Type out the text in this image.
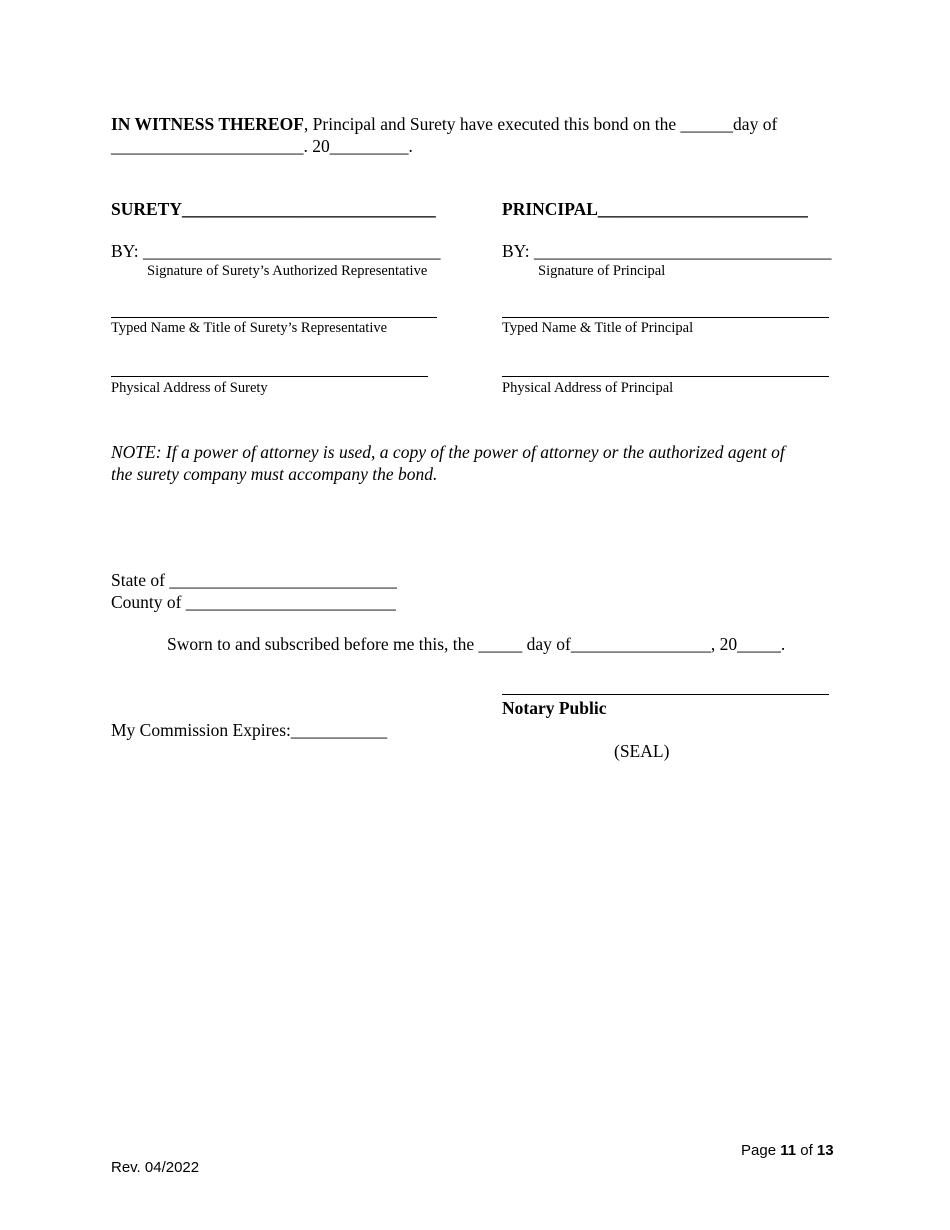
IN WITNESS THEREOF, Principal and Surety have executed this bond on the ______day of
______________________. 20_________.
SURETY_____________________________
BY: __________________________________
Signature of Surety’s Authorized Representative
Typed Name & Title of Surety’s Representative
Physical Address of Surety
PRINCIPAL________________________
BY: __________________________________
Signature of Principal
Typed Name & Title of Principal
Physical Address of Principal
NOTE: If a power of attorney is used, a copy of the power of attorney or the authorized agent of
the surety company must accompany the bond.
State of __________________________
County of ________________________
Sworn to and subscribed before me this, the _____ day of________________, 20_____.
Notary Public
My Commission Expires:___________
(SEAL)
Page 11 of 13
Rev. 04/2022
